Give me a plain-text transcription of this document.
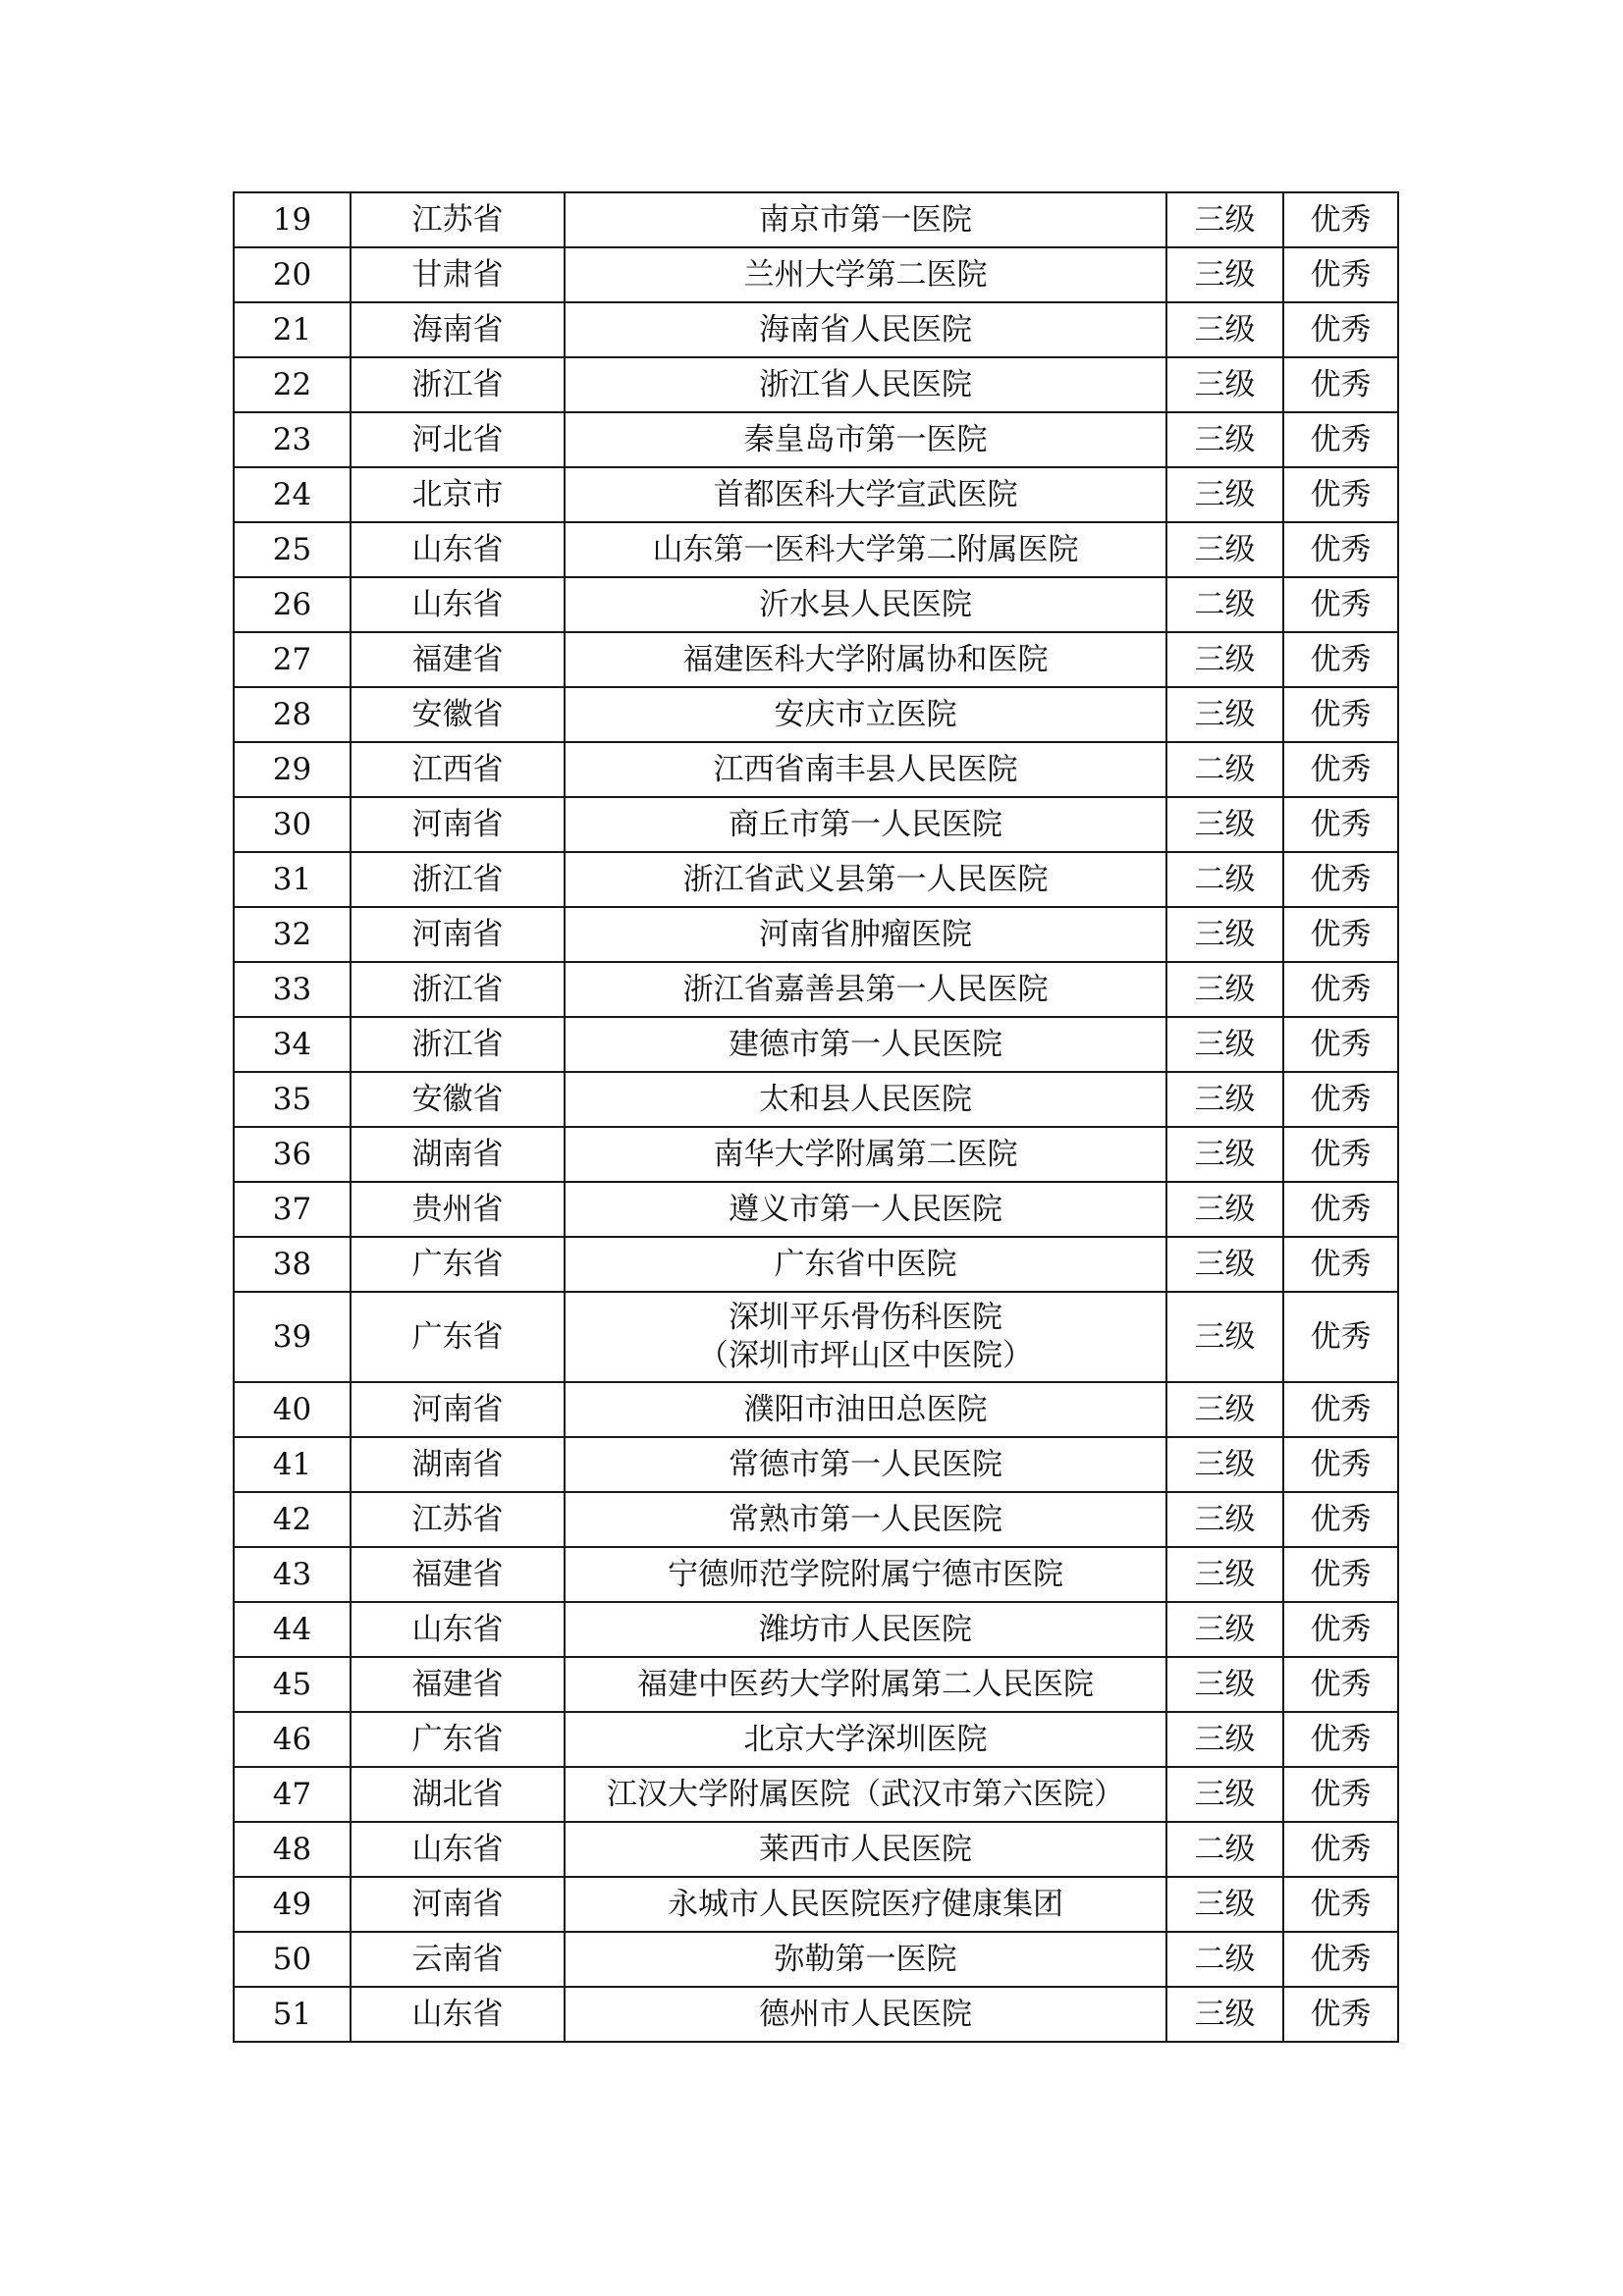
19	江苏省	南京市第一医院	三级	优秀
20	甘肃省	兰州大学第二医院	三级	优秀
21	海南省	海南省人民医院	三级	优秀
22	浙江省	浙江省人民医院	三级	优秀
23	河北省	秦皇岛市第一医院	三级	优秀
24	北京市	首都医科大学宣武医院	三级	优秀
25	山东省	山东第一医科大学第二附属医院	三级	优秀
26	山东省	沂水县人民医院	二级	优秀
27	福建省	福建医科大学附属协和医院	三级	优秀
28	安徽省	安庆市立医院	三级	优秀
29	江西省	江西省南丰县人民医院	二级	优秀
30	河南省	商丘市第一人民医院	三级	优秀
31	浙江省	浙江省武义县第一人民医院	二级	优秀
32	河南省	河南省肿瘤医院	三级	优秀
33	浙江省	浙江省嘉善县第一人民医院	三级	优秀
34	浙江省	建德市第一人民医院	三级	优秀
35	安徽省	太和县人民医院	三级	优秀
36	湖南省	南华大学附属第二医院	三级	优秀
37	贵州省	遵义市第一人民医院	三级	优秀
38	广东省	广东省中医院	三级	优秀
39	广东省	深圳平乐骨伤科医院
（深圳市坪山区中医院）	三级	优秀
40	河南省	濮阳市油田总医院	三级	优秀
41	湖南省	常德市第一人民医院	三级	优秀
42	江苏省	常熟市第一人民医院	三级	优秀
43	福建省	宁德师范学院附属宁德市医院	三级	优秀
44	山东省	潍坊市人民医院	三级	优秀
45	福建省	福建中医药大学附属第二人民医院	三级	优秀
46	广东省	北京大学深圳医院	三级	优秀
47	湖北省	江汉大学附属医院（武汉市第六医院）	三级	优秀
48	山东省	莱西市人民医院	二级	优秀
49	河南省	永城市人民医院医疗健康集团	三级	优秀
50	云南省	弥勒第一医院	二级	优秀
51	山东省	德州市人民医院	三级	优秀
